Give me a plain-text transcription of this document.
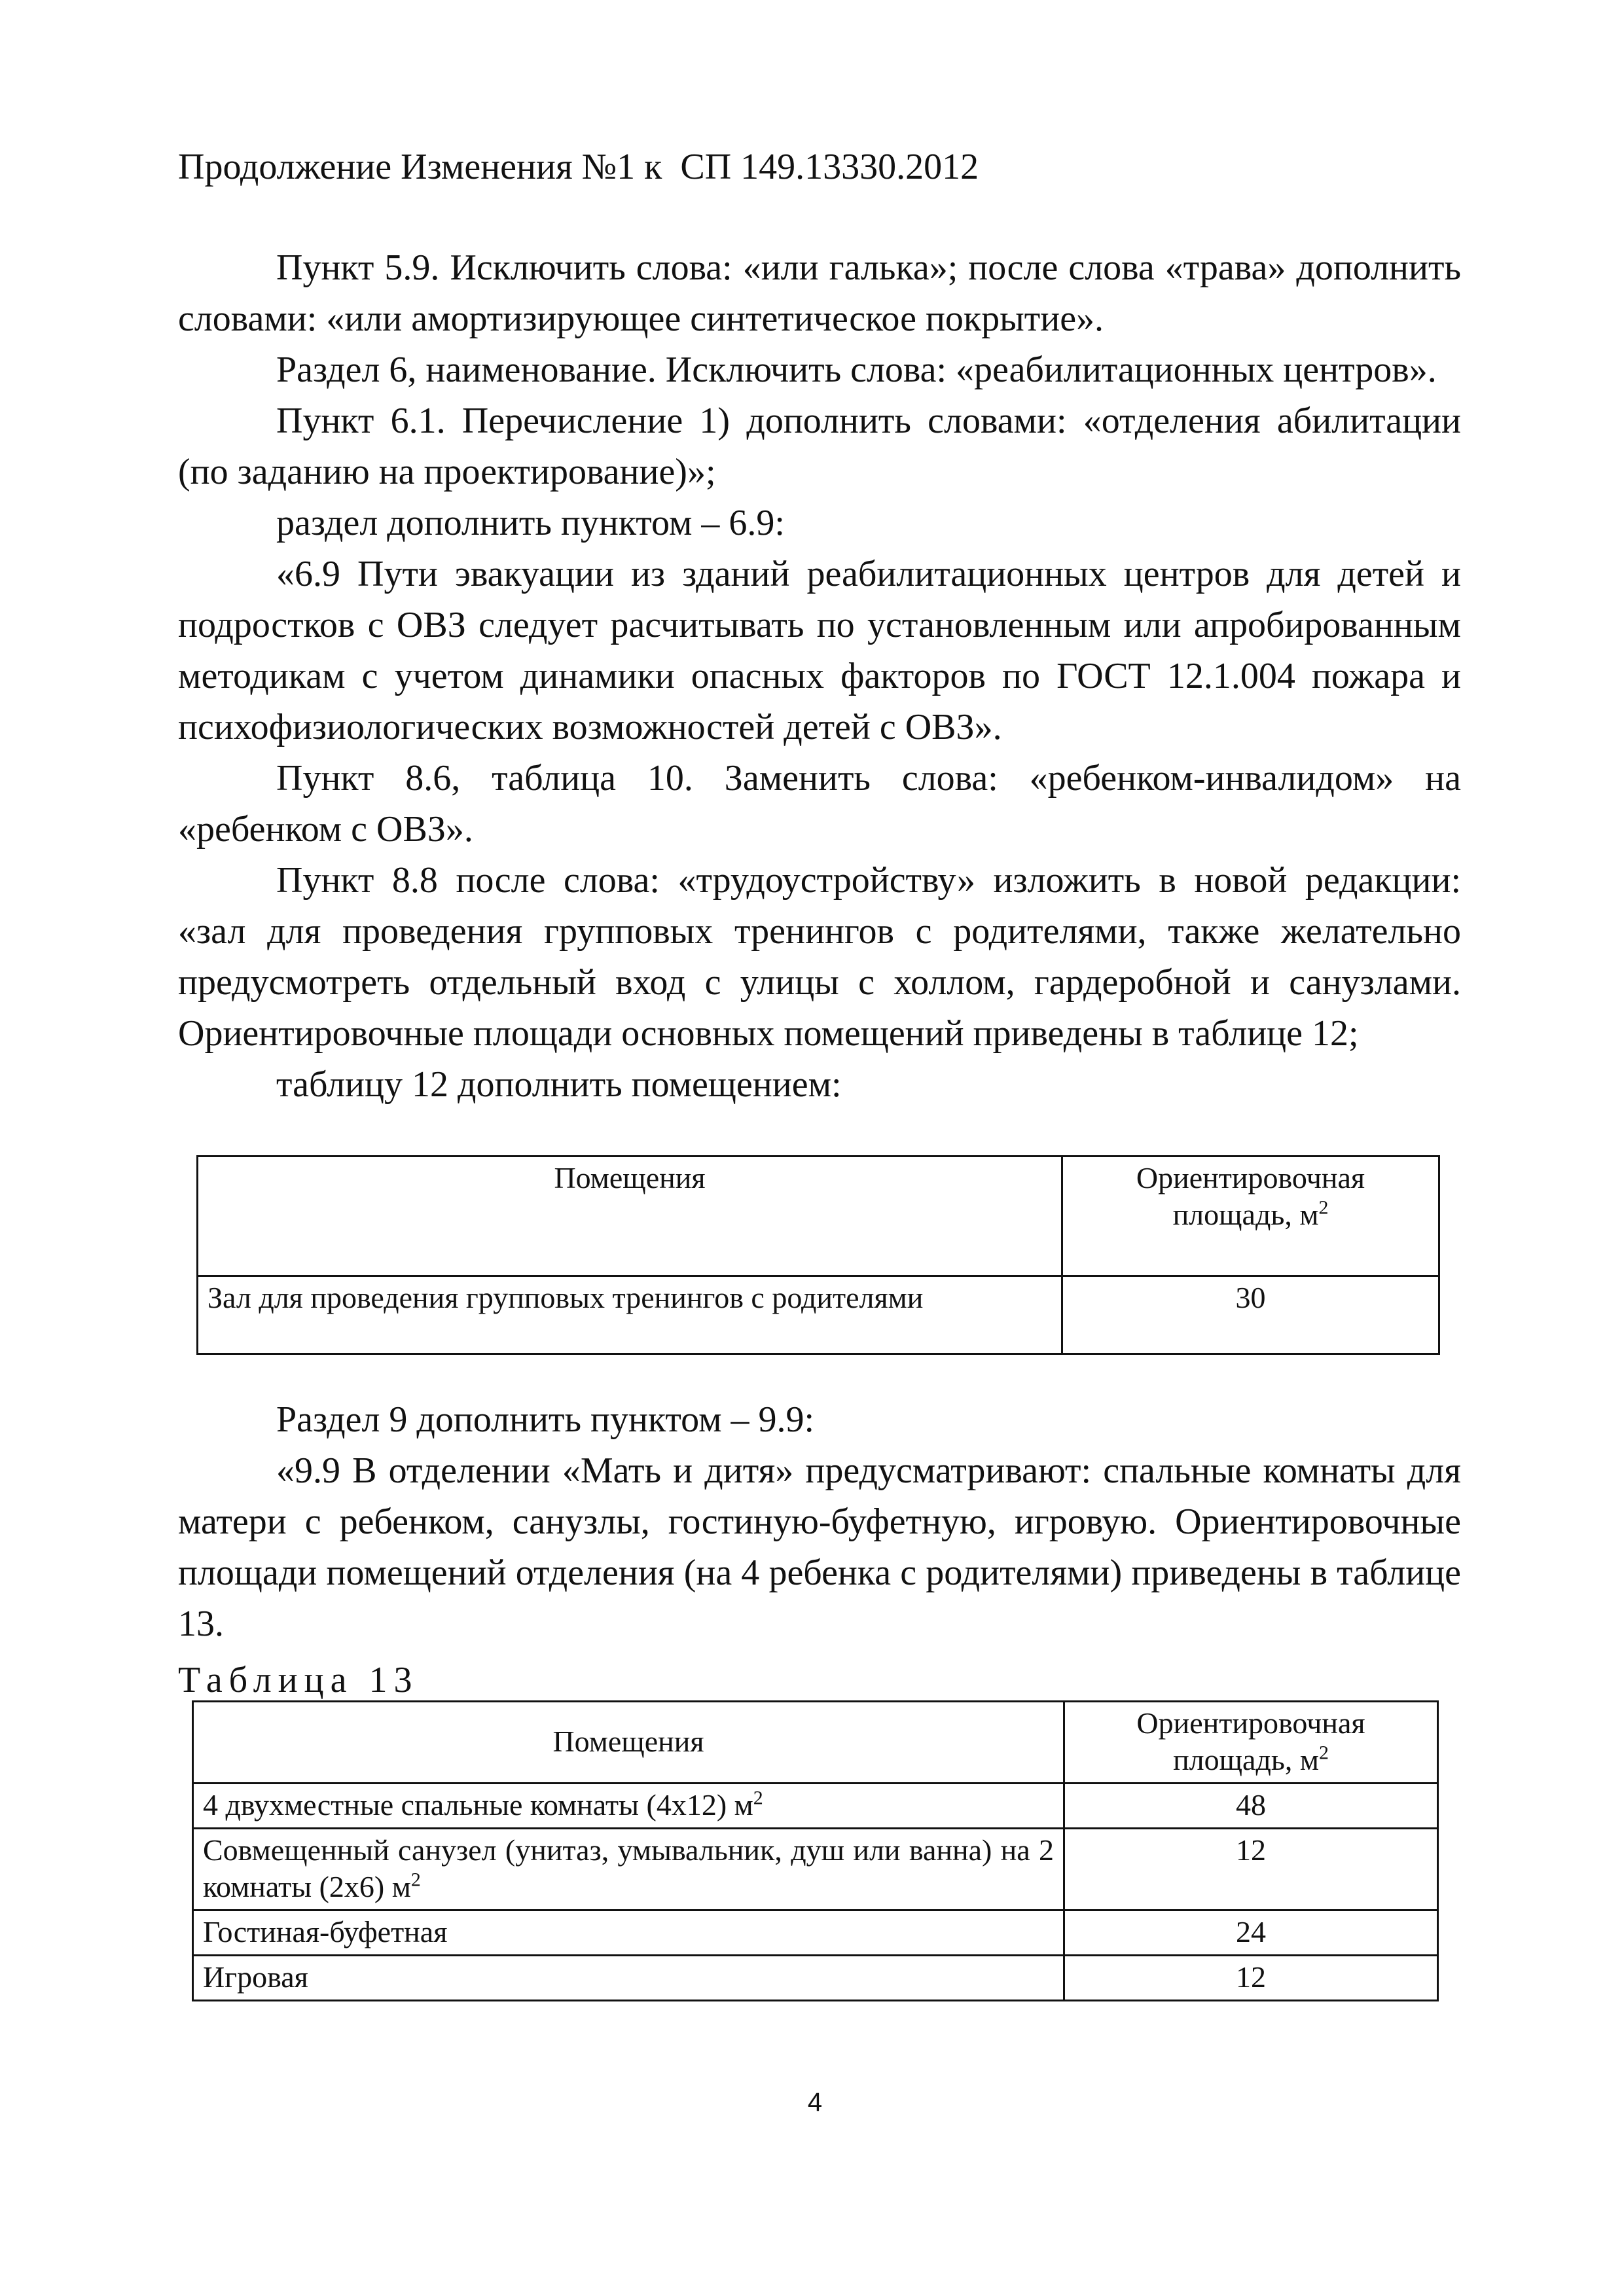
Продолжение Изменения №1 к СП 149.13330.2012

Пункт 5.9. Исключить слова: «или галька»; после слова «трава» дополнить словами: «или амортизирующее синтетическое покрытие».

Раздел 6, наименование. Исключить слова: «реабилитационных центров».

Пункт 6.1. Перечисление 1) дополнить словами: «отделения абилитации (по заданию на проектирование)»;

раздел дополнить пунктом – 6.9:

«6.9 Пути эвакуации из зданий реабилитационных центров для детей и подростков с ОВЗ следует расчитывать по установленным или апробированным методикам с учетом динамики опасных факторов по ГОСТ 12.1.004 пожара и психофизиологических возможностей детей с ОВЗ».

Пункт 8.6, таблица 10. Заменить слова: «ребенком-инвалидом» на «ребенком с ОВЗ».

Пункт 8.8 после слова: «трудоустройству» изложить в новой редакции: «зал для проведения групповых тренингов с родителями, также желательно предусмотреть отдельный вход с улицы с холлом, гардеробной и санузлами. Ориентировочные площади основных помещений приведены в таблице 12;

таблицу 12 дополнить помещением:

Помещения	Ориентировочная
площадь, $м^2$
Зал для проведения групповых тренингов с родителями	30

Раздел 9 дополнить пунктом – 9.9:

«9.9 В отделении «Мать и дитя» предусматривают: спальные комнаты для матери с ребенком, санузлы, гостиную-буфетную, игровую. Ориентировочные площади помещений отделения (на 4 ребенка с родителями) приведены в таблице 13.

Таблица 13
Помещения	Ориентировочная
площадь, $м^2$
4 двухместные спальные комнаты (4х12) $м^2$	48
Совмещенный санузел (унитаз, умывальник, душ или ванна) на 2 комнаты (2х6) $м^2$	12
Гостиная-буфетная	24
Игровая	12
4
